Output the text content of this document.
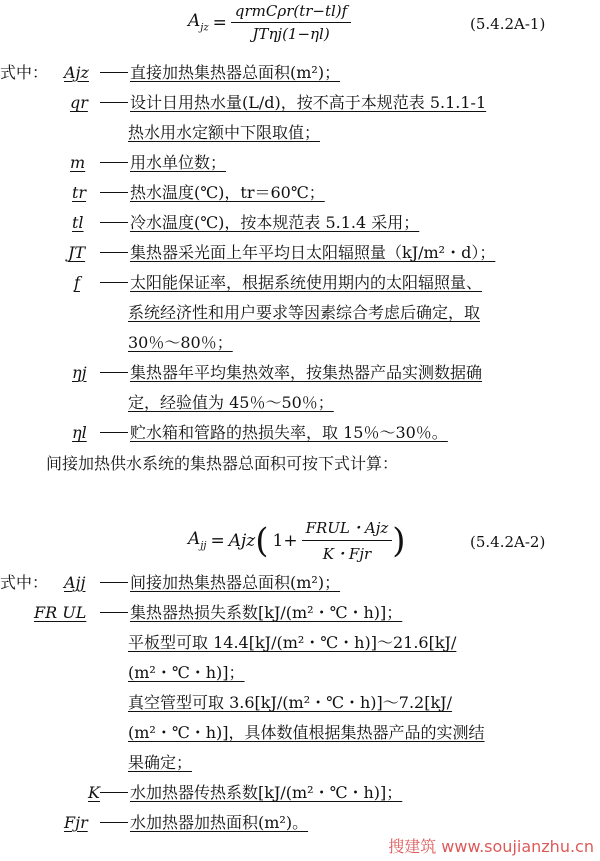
$A_{jz} = \frac{\text{qrmCρr(tr−tl)f}}{\text{JTηj(1−ηl)}}$	(5.4.2A-1)
式中： Ajz	直接加热集热器总面积(m²)；
qr	设计日用热水量(L/d)，按不高于本规范表 5.1.1-1
热水用水定额中下限取值；
m	用水单位数；
tr	热水温度(℃)，tr＝60℃；
tl	冷水温度(℃)，按本规范表 5.1.4 采用；
JT	集热器采光面上年平均日太阳辐照量（kJ/m²・d）；
f	太阳能保证率，根据系统使用期内的太阳辐照量、
系统经济性和用户要求等因素综合考虑后确定，取
30％～80％；
ηj	集热器年平均集热效率，按集热器产品实测数据确
定，经验值为 45％～50％；
ηl	贮水箱和管路的热损失率，取 15％～30％。
间接加热供水系统的集热器总面积可按下式计算：
$A_{jj}$ = Ajz ( $1+ \frac{\text{FRUL・Ajz}}{\text{K・Fjr}}$ )	(5.4.2A-2)
式中： Ajj	间接加热集热器总面积(m²)；
FR UL	集热器热损失系数[kJ/(m²・℃・h)]；
平板型可取 14.4[kJ/(m²・℃・h)]～21.6[kJ/
(m²・℃・h)]；
真空管型可取 3.6[kJ/(m²・℃・h)]～7.2[kJ/
(m²・℃・h)]，具体数值根据集热器产品的实测结
果确定；
K	水加热器传热系数[kJ/(m²・℃・h)]；
Fjr	水加热器加热面积(m²)。
搜建筑 www.soujianzhu.cn
